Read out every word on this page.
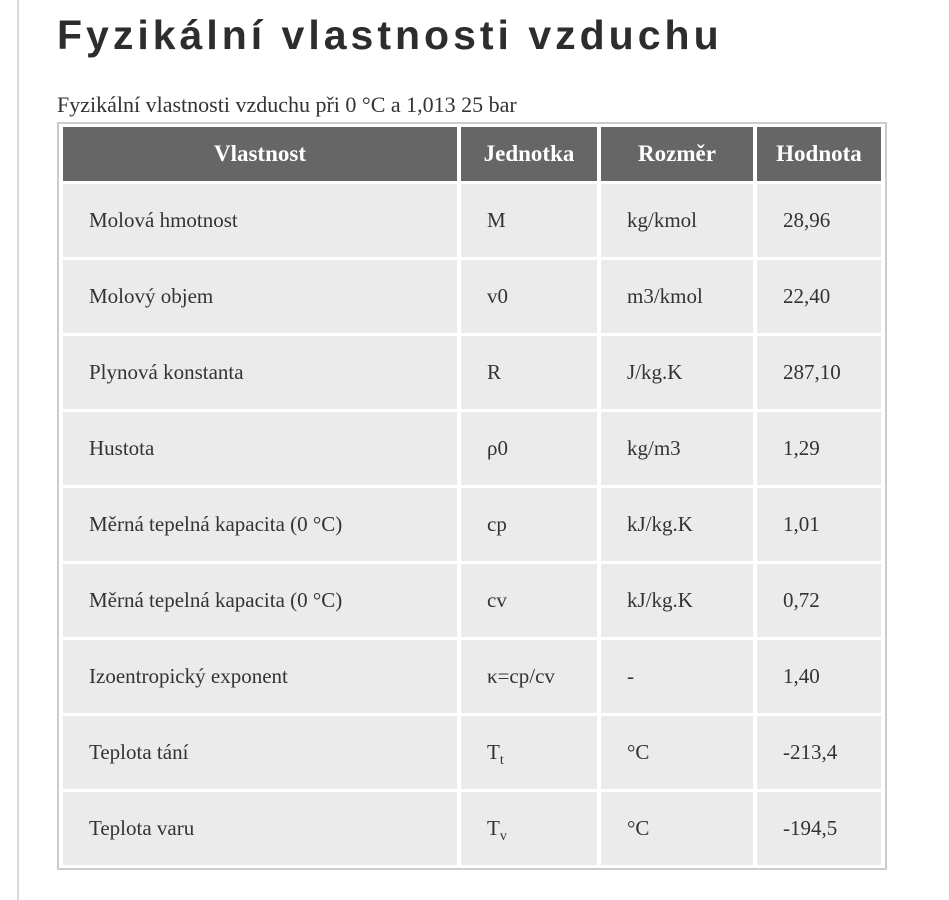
Fyzikální vlastnosti vzduchu

Fyzikální vlastnosti vzduchu při 0 °C a 1,013 25 bar

Vlastnost	Jednotka	Rozměr	Hodnota
Molová hmotnost	M	kg/kmol	28,96
Molový objem	v0	m3/kmol	22,40
Plynová konstanta	R	J/kg.K	287,10
Hustota	ρ0	kg/m3	1,29
Měrná tepelná kapacita (0 °C)	cp	kJ/kg.K	1,01
Měrná tepelná kapacita (0 °C)	cv	kJ/kg.K	0,72
Izoentropický exponent	κ=cp/cv	-	1,40
Teplota tání	$T_t$	°C	-213,4
Teplota varu	$T_v$	°C	-194,5
